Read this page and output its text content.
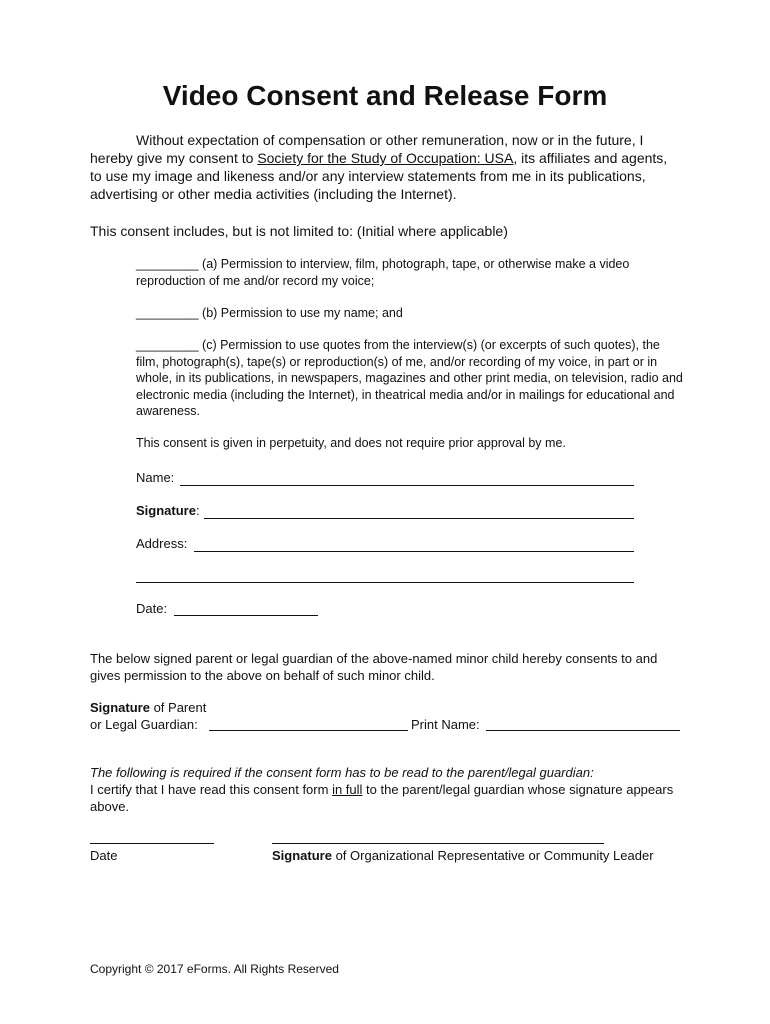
Video Consent and Release Form
Without expectation of compensation or other remuneration, now or in the future, I hereby give my consent to Society for the Study of Occupation: USA, its affiliates and agents, to use my image and likeness and/or any interview statements from me in its publications, advertising or other media activities (including the Internet).
This consent includes, but is not limited to: (Initial where applicable)
_________ (a) Permission to interview, film, photograph, tape, or otherwise make a video reproduction of me and/or record my voice;
_________ (b) Permission to use my name; and
_________ (c) Permission to use quotes from the interview(s) (or excerpts of such quotes), the film, photograph(s), tape(s) or reproduction(s) of me, and/or recording of my voice, in part or in whole, in its publications, in newspapers, magazines and other print media, on television, radio and electronic media (including the Internet), in theatrical media and/or in mailings for educational and awareness.
This consent is given in perpetuity, and does not require prior approval by me.
Name:
Signature:
Address:
Date:
The below signed parent or legal guardian of the above-named minor child hereby consents to and gives permission to the above on behalf of such minor child.
Signature of Parent
or Legal Guardian:	Print Name:
The following is required if the consent form has to be read to the parent/legal guardian:
I certify that I have read this consent form in full to the parent/legal guardian whose signature appears above.
Date	Signature of Organizational Representative or Community Leader
Copyright © 2017 eForms. All Rights Reserved
